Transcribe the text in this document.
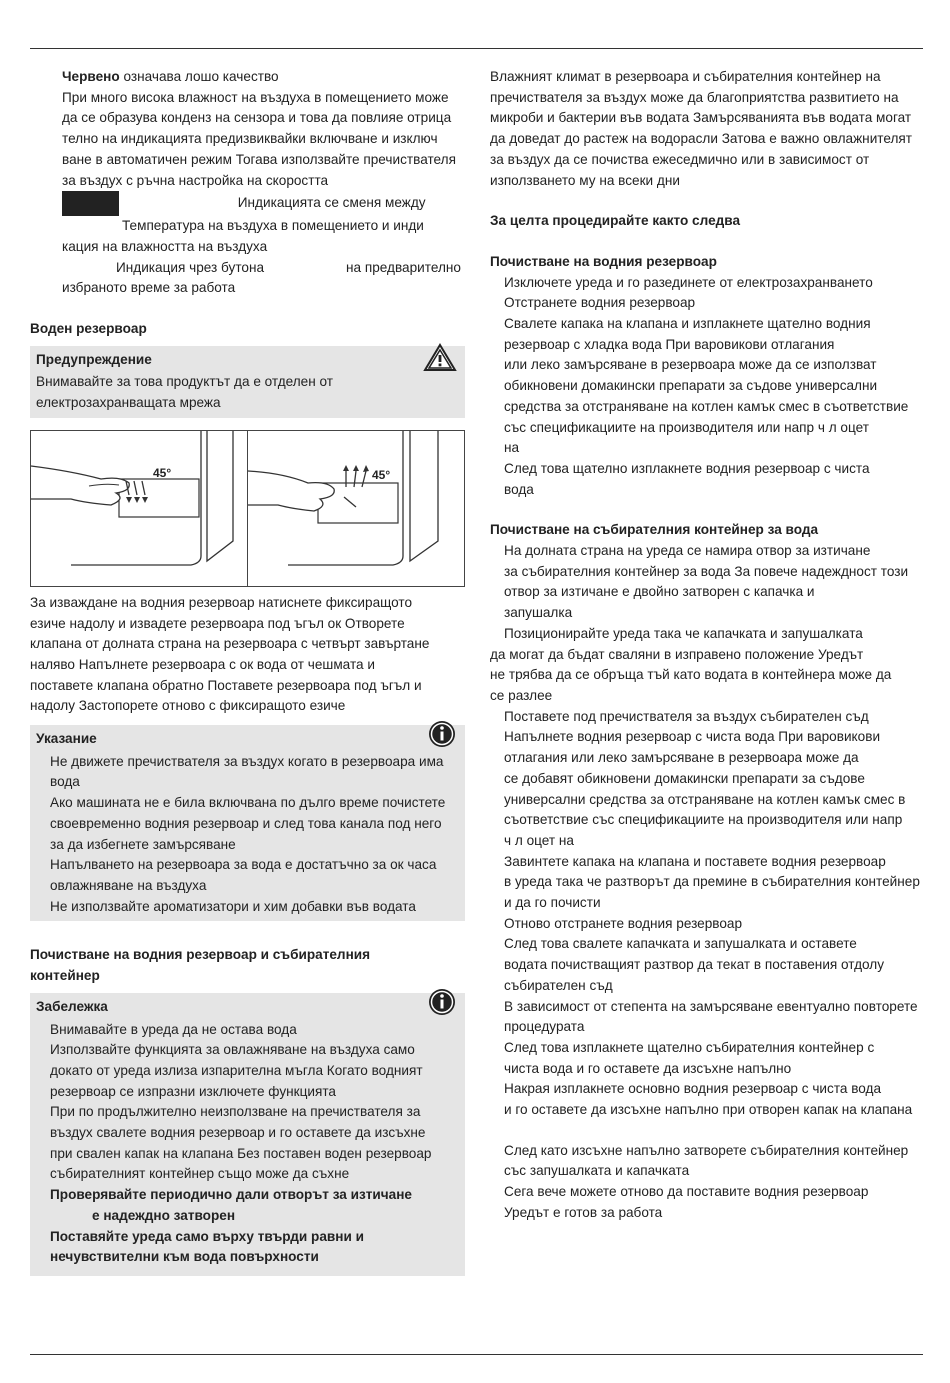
Червено означава лошо качество

При много висока влажност на въздуха в помещението може

да се образува конденз на сензора и това да повлияе отрица

телно на индикацията предизвиквайки включване и изключ

ване в автоматичен режим Тогава използвайте пречиствателя

за въздух с ръчна настройка на скоростта

Индикацията се сменя между

Температура на въздуха в помещението и инди

кация на влажността на въздуха

Индикация чрез бутона	на предварително

избраното време за работа

Воден резервоар

Предупреждение

Внимавайте за това продуктът да е отделен от

електрозахранващата мрежа

45°	45°

За изваждане на водния резервоар натиснете фиксиращото

езиче надолу и извадете резервоара под ъгъл ок Отворете

клапана от долната страна на резервоара с четвърт завъртане

наляво Напълнете резервоара с ок вода от чешмата и

поставете клапана обратно Поставете резервоара под ъгъл и

надолу Застопорете отново с фиксиращото езиче

Указание

Не движете пречиствателя за въздух когато в резервоара има

вода

Ако машината не е била включвана по дълго време почистете

своевременно водния резервоар и след това канала под него

за да избегнете замърсяване

Напълването на резервоара за вода е достатъчно за ок часа

овлажняване на въздуха

Не използвайте ароматизатори и хим добавки във водата

Почистване на водния резервоар и събирателния

контейнер

Забележка

Внимавайте в уреда да не остава вода

Използвайте функцията за овлажняване на въздуха само

докато от уреда излиза изпарителна мъгла Когато водният

резервоар се изпразни изключете функцията

При по продължително неизползване на пречиствателя за

въздух свалете водния резервоар и го оставете да изсъхне

при свален капак на клапана Без поставен воден резервоар

събирателният контейнер също може да съхне

Проверявайте периодично дали отворът за изтичане

е надеждно затворен

Поставяйте уреда само върху твърди равни и

нечувствителни към вода повърхности

Влажният климат в резервоара и събирателния контейнер на

пречиствателя за въздух може да благоприятства развитието на

микроби и бактерии във водата Замърсяванията във водата могат

да доведат до растеж на водорасли Затова е важно овлажнителят

за въздух да се почиства ежеседмично или в зависимост от

използването му на всеки дни

За целта процедирайте както следва

Почистване на водния резервоар

Изключете уреда и го разединете от електрозахранването

Отстранете водния резервоар

Свалете капака на клапана и изплакнете щателно водния

резервоар с хладка вода При варовикови отлагания

или леко замърсяване в резервоара може да се използват

обикновени домакински препарати за съдове универсални

средства за отстраняване на котлен камък смес в съответствие

със спецификациите на производителя или напр ч л оцет

на

След това щателно изплакнете водния резервоар с чиста

вода

Почистване на събирателния контейнер за вода

На долната страна на уреда се намира отвор за изтичане

за събирателния контейнер за вода За повече надеждност този

отвор за изтичане е двойно затворен с капачка и

запушалка

Позиционирайте уреда така че капачката и запушалката

да могат да бъдат сваляни в изправено положение Уредът

не трябва да се обръща тъй като водата в контейнера може да

се разлее

Поставете под пречиствателя за въздух събирателен съд

Напълнете водния резервоар с чиста вода При варовикови

отлагания или леко замърсяване в резервоара може да

се добавят обикновени домакински препарати за съдове

универсални средства за отстраняване на котлен камък смес в

съответствие със спецификациите на производителя или напр

ч л оцет на

Завинтете капака на клапана и поставете водния резервоар

в уреда така че разтворът да премине в събирателния контейнер

и да го почисти

Отново отстранете водния резервоар

След това свалете капачката и запушалката и оставете

водата почистващият разтвор да текат в поставения отдолу

събирателен съд

В зависимост от степента на замърсяване евентуално повторете

процедурата

След това изплакнете щателно събирателния контейнер с

чиста вода и го оставете да изсъхне напълно

Накрая изплакнете основно водния резервоар с чиста вода

и го оставете да изсъхне напълно при отворен капак на клапана

След като изсъхне напълно затворете събирателния контейнер

със запушалката и капачката

Сега вече можете отново да поставите водния резервоар

Уредът е готов за работа
